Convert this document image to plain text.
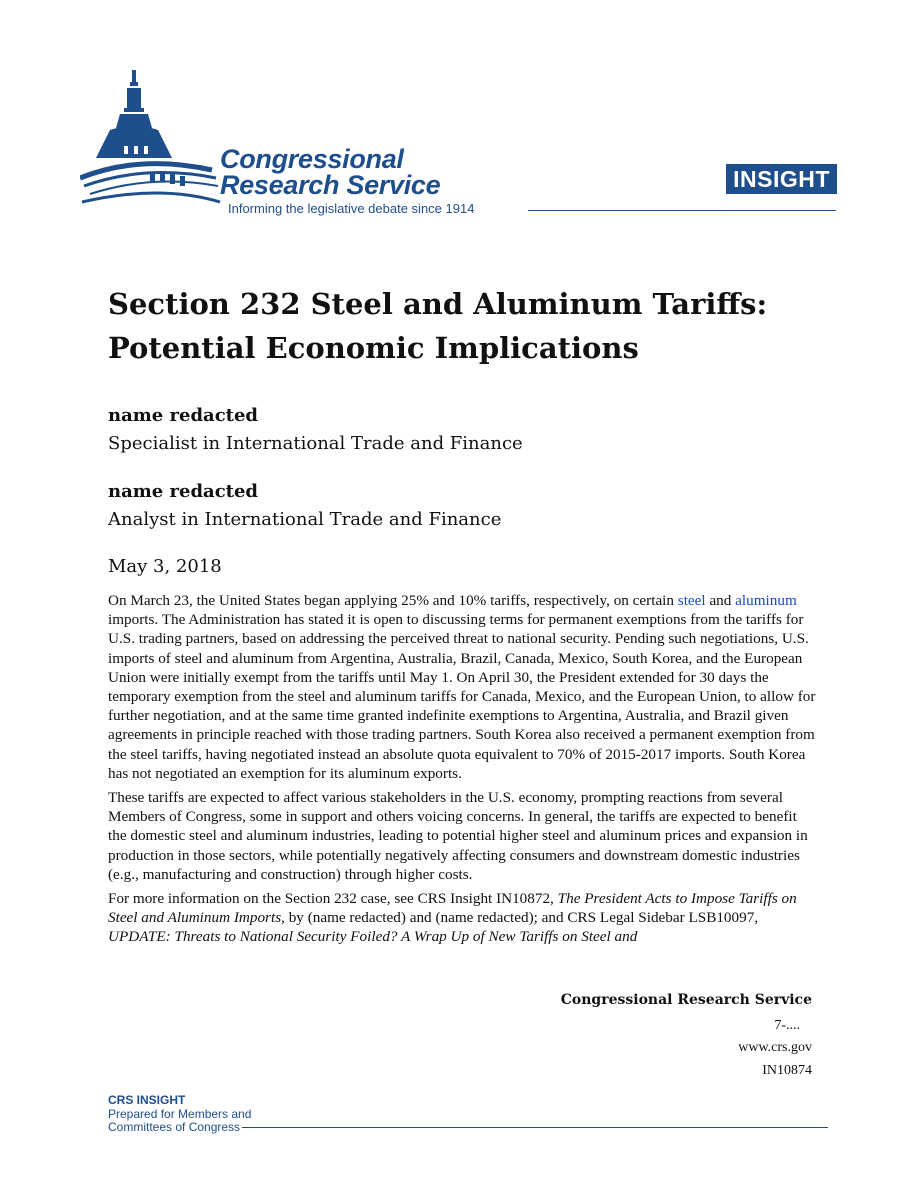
Congressional
Research Service
Informing the legislative debate since 1914
INSIGHT
Section 232 Steel and Aluminum Tariffs:
Potential Economic Implications
name redacted
Specialist in International Trade and Finance
name redacted
Analyst in International Trade and Finance
May 3, 2018

On March 23, the United States began applying 25% and 10% tariffs, respectively, on certain steel and aluminum imports. The Administration has stated it is open to discussing terms for permanent exemptions from the tariffs for U.S. trading partners, based on addressing the perceived threat to national security. Pending such negotiations, U.S. imports of steel and aluminum from Argentina, Australia, Brazil, Canada, Mexico, South Korea, and the European Union were initially exempt from the tariffs until May 1. On April 30, the President extended for 30 days the temporary exemption from the steel and aluminum tariffs for Canada, Mexico, and the European Union, to allow for further negotiation, and at the same time granted indefinite exemptions to Argentina, Australia, and Brazil given agreements in principle reached with those trading partners. South Korea also received a permanent exemption from the steel tariffs, having negotiated instead an absolute quota equivalent to 70% of 2015-2017 imports. South Korea has not negotiated an exemption for its aluminum exports.

These tariffs are expected to affect various stakeholders in the U.S. economy, prompting reactions from several Members of Congress, some in support and others voicing concerns. In general, the tariffs are expected to benefit the domestic steel and aluminum industries, leading to potential higher steel and aluminum prices and expansion in production in those sectors, while potentially negatively affecting consumers and downstream domestic industries (e.g., manufacturing and construction) through higher costs.

For more information on the Section 232 case, see CRS Insight IN10872, The President Acts to Impose Tariffs on Steel and Aluminum Imports, by (name redacted) and (name redacted); and CRS Legal Sidebar LSB10097, UPDATE: Threats to National Security Foiled? A Wrap Up of New Tariffs on Steel and

Congressional Research Service
7-....
www.crs.gov
IN10874
CRS INSIGHT
Prepared for Members and
Committees of Congress
